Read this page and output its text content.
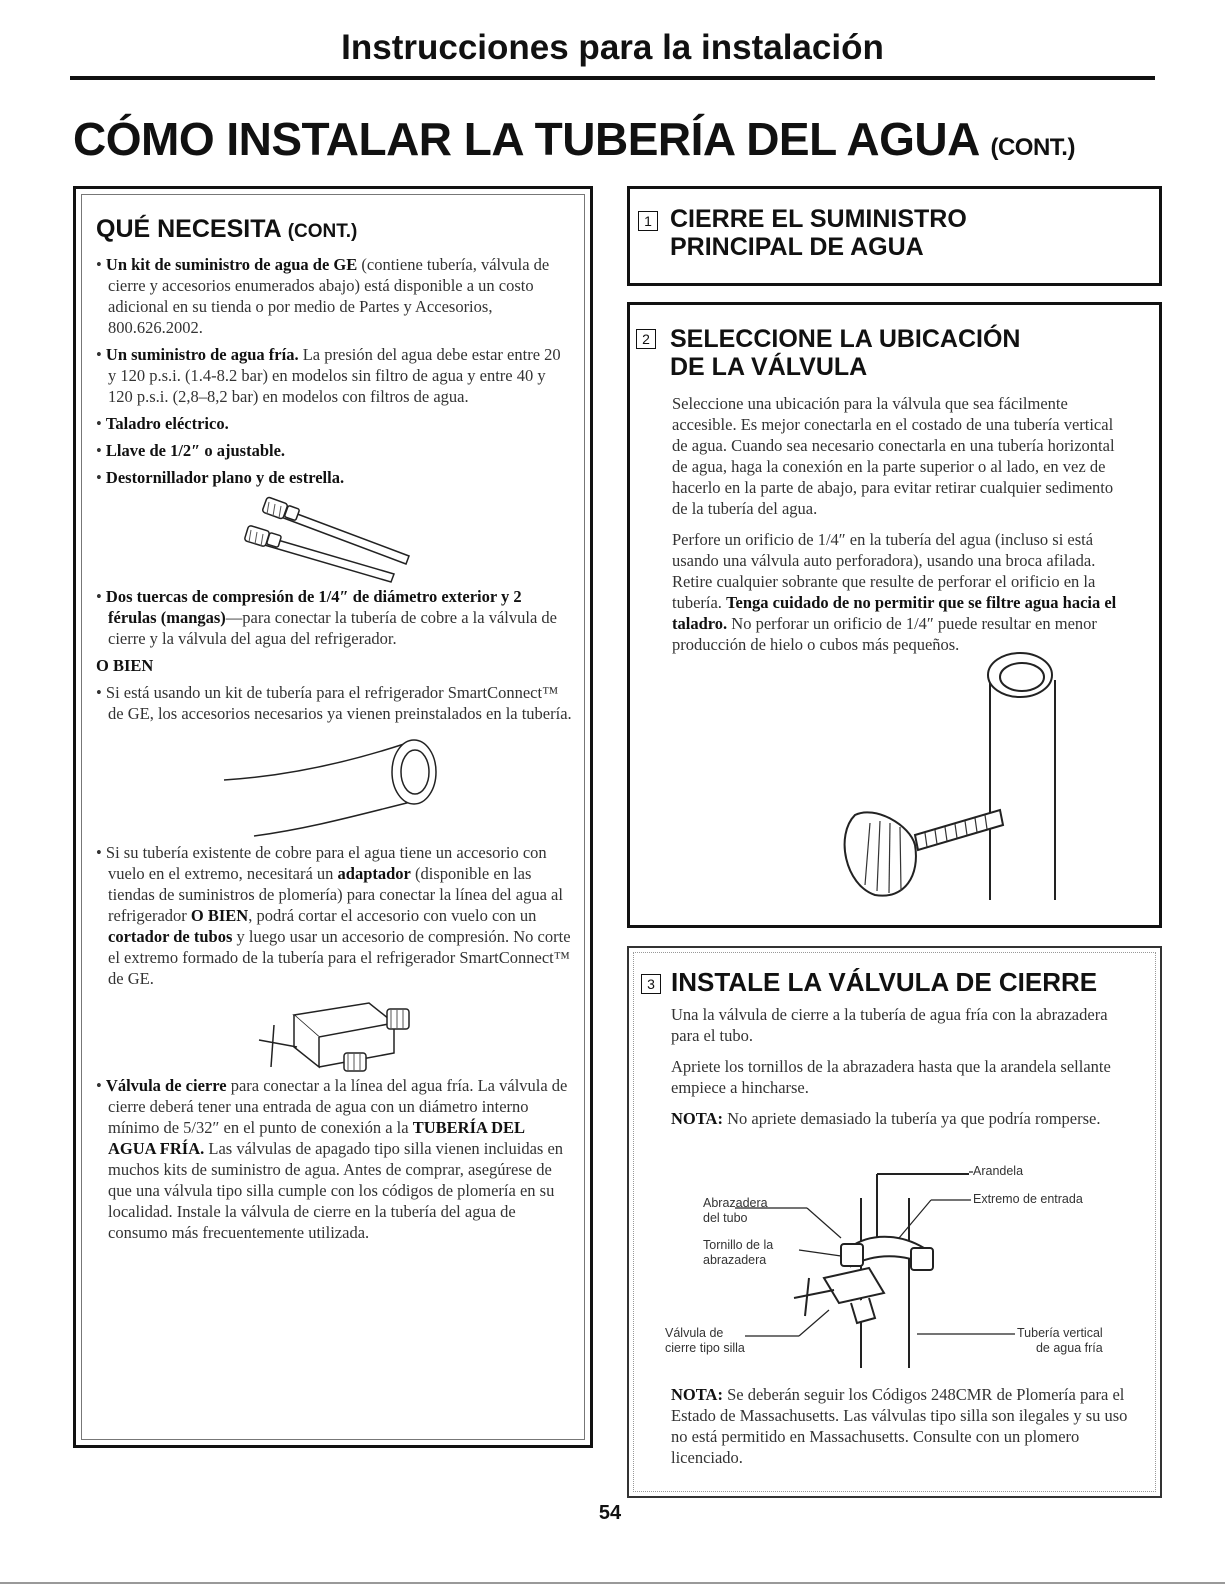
Instrucciones para la instalación
CÓMO INSTALAR LA TUBERÍA DEL AGUA (CONT.)
QUÉ NECESITA (CONT.)

• Un kit de suministro de agua de GE (contiene tubería, válvula de cierre y accesorios enumerados abajo) está disponible a un costo adicional en su tienda o por medio de Partes y Accesorios, 800.626.2002.

• Un suministro de agua fría. La presión del agua debe estar entre 20 y 120 p.s.i. (1.4-8.2 bar) en modelos sin filtro de agua y entre 40 y 120 p.s.i. (2,8–8,2 bar) en modelos con filtros de agua.

• Taladro eléctrico.

• Llave de 1/2″ o ajustable.

• Destornillador plano y de estrella.

• Dos tuercas de compresión de 1/4″ de diámetro exterior y 2 férulas (mangas)—para conectar la tubería de cobre a la válvula de cierre y la válvula del agua del refrigerador.

O BIEN

• Si está usando un kit de tubería para el refrigerador SmartConnect™ de GE, los accesorios necesarios ya vienen preinstalados en la tubería.

• Si su tubería existente de cobre para el agua tiene un accesorio con vuelo en el extremo, necesitará un adaptador (disponible en las tiendas de suministros de plomería) para conectar la línea del agua al refrigerador O BIEN, podrá cortar el accesorio con vuelo con un cortador de tubos y luego usar un accesorio de compresión. No corte el extremo formado de la tubería para el refrigerador SmartConnect™ de GE.

• Válvula de cierre para conectar a la línea del agua fría. La válvula de cierre deberá tener una entrada de agua con un diámetro interno mínimo de 5/32″ en el punto de conexión a la TUBERÍA DEL AGUA FRÍA. Las válvulas de apagado tipo silla vienen incluidas en muchos kits de suministro de agua. Antes de comprar, asegúrese de que una válvula tipo silla cumple con los códigos de plomería en su localidad. Instale la válvula de cierre en la tubería del agua de consumo más frecuentemente utilizada.

1 CIERRE EL SUMINISTRO
PRINCIPAL DE AGUA
2 SELECCIONE LA UBICACIÓN
DE LA VÁLVULA

Seleccione una ubicación para la válvula que sea fácilmente accesible. Es mejor conectarla en el costado de una tubería vertical de agua. Cuando sea necesario conectarla en una tubería horizontal de agua, haga la conexión en la parte superior o al lado, en vez de hacerlo en la parte de abajo, para evitar retirar cualquier sedimento de la tubería del agua.

Perfore un orificio de 1/4″ en la tubería del agua (incluso si está usando una válvula auto perforadora), usando una broca afilada. Retire cualquier sobrante que resulte de perforar el orificio en la tubería. Tenga cuidado de no permitir que se filtre agua hacia el taladro. No perforar un orificio de 1/4″ puede resultar en menor producción de hielo o cubos más pequeños.

3 INSTALE LA VÁLVULA DE CIERRE

Una la válvula de cierre a la tubería de agua fría con la abrazadera para el tubo.

Apriete los tornillos de la abrazadera hasta que la arandela sellante empiece a hincharse.

NOTA: No apriete demasiado la tubería ya que podría romperse.

Arandela
Extremo de entrada
Abrazadera
del tubo
Tornillo de la
abrazadera
Válvula de
cierre tipo silla
Tubería vertical
de agua fría

NOTA: Se deberán seguir los Códigos 248CMR de Plomería para el Estado de Massachusetts. Las válvulas tipo silla son ilegales y su uso no está permitido en Massachusetts. Consulte con un plomero licenciado.

54
